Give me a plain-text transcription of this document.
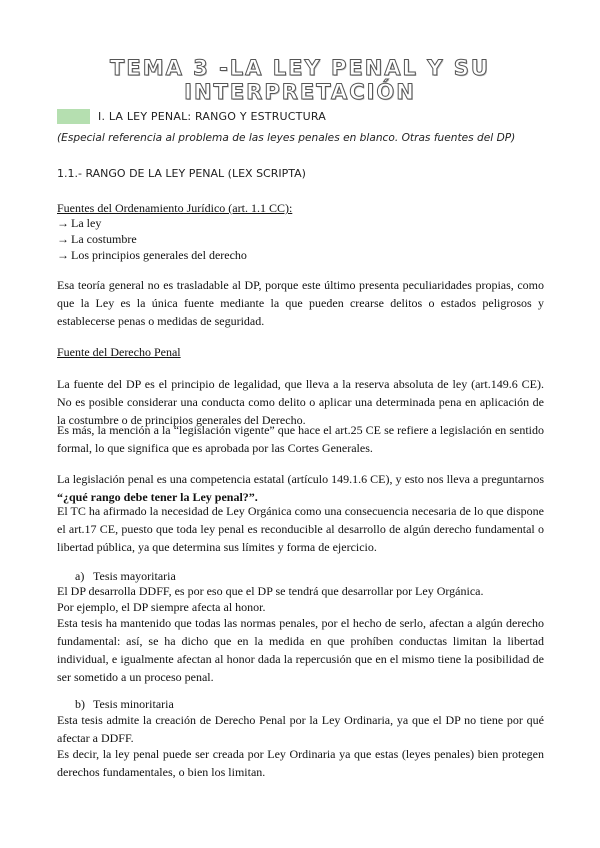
TEMA 3 -LA LEY PENAL Y SU INTERPRETACIÓN
I. LA LEY PENAL: RANGO Y ESTRUCTURA
(Especial referencia al problema de las leyes penales en blanco. Otras fuentes del DP)
1.1.- RANGO DE LA LEY PENAL (LEX SCRIPTA)
Fuentes del Ordenamiento Jurídico (art. 1.1 CC):
→ La ley
→ La costumbre
→ Los principios generales del derecho
Esa teoría general no es trasladable al DP, porque este último presenta peculiaridades propias, como que la Ley es la única fuente mediante la que pueden crearse delitos o estados peligrosos y establecerse penas o medidas de seguridad.
Fuente del Derecho Penal
La fuente del DP es el principio de legalidad, que lleva a la reserva absoluta de ley (art.149.6 CE). No es posible considerar una conducta como delito o aplicar una determinada pena en aplicación de la costumbre o de principios generales del Derecho.
Es más, la mención a la “legislación vigente” que hace el art.25 CE se refiere a legislación en sentido formal, lo que significa que es aprobada por las Cortes Generales.
La legislación penal es una competencia estatal (artículo 149.1.6 CE), y esto nos lleva a preguntarnos “¿qué rango debe tener la Ley penal?”.
El TC ha afirmado la necesidad de Ley Orgánica como una consecuencia necesaria de lo que dispone el art.17 CE, puesto que toda ley penal es reconducible al desarrollo de algún derecho fundamental o libertad pública, ya que determina sus límites y forma de ejercicio.
a) Tesis mayoritaria
El DP desarrolla DDFF, es por eso que el DP se tendrá que desarrollar por Ley Orgánica.
Por ejemplo, el DP siempre afecta al honor.
Esta tesis ha mantenido que todas las normas penales, por el hecho de serlo, afectan a algún derecho fundamental: así, se ha dicho que en la medida en que prohíben conductas limitan la libertad individual, e igualmente afectan al honor dada la repercusión que en el mismo tiene la posibilidad de ser sometido a un proceso penal.
b) Tesis minoritaria
Esta tesis admite la creación de Derecho Penal por la Ley Ordinaria, ya que el DP no tiene por qué afectar a DDFF.
Es decir, la ley penal puede ser creada por Ley Ordinaria ya que estas (leyes penales) bien protegen derechos fundamentales, o bien los limitan.
